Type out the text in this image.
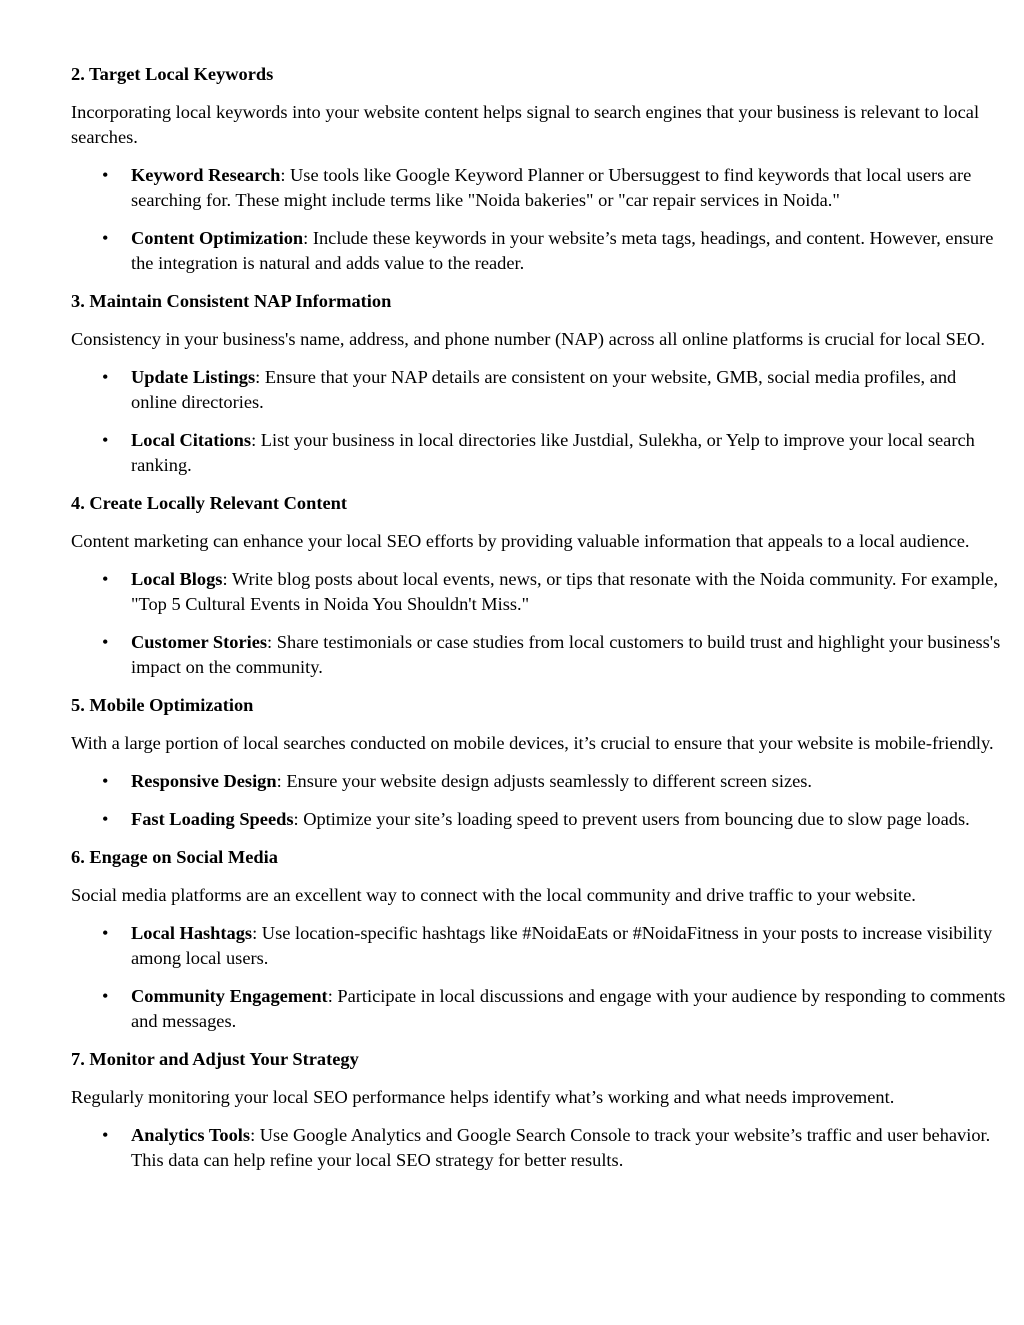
2. Target Local Keywords

Incorporating local keywords into your website content helps signal to search engines that your business is relevant to local searches.

• Keyword Research: Use tools like Google Keyword Planner or Ubersuggest to find keywords that local users are searching for. These might include terms like "Noida bakeries" or "car repair services in Noida."
• Content Optimization: Include these keywords in your website’s meta tags, headings, and content. However, ensure the integration is natural and adds value to the reader.
3. Maintain Consistent NAP Information

Consistency in your business's name, address, and phone number (NAP) across all online platforms is crucial for local SEO.

• Update Listings: Ensure that your NAP details are consistent on your website, GMB, social media profiles, and online directories.
• Local Citations: List your business in local directories like Justdial, Sulekha, or Yelp to improve your local search ranking.
4. Create Locally Relevant Content

Content marketing can enhance your local SEO efforts by providing valuable information that appeals to a local audience.

• Local Blogs: Write blog posts about local events, news, or tips that resonate with the Noida community. For example, "Top 5 Cultural Events in Noida You Shouldn't Miss."
• Customer Stories: Share testimonials or case studies from local customers to build trust and highlight your business's impact on the community.
5. Mobile Optimization

With a large portion of local searches conducted on mobile devices, it’s crucial to ensure that your website is mobile-friendly.

• Responsive Design: Ensure your website design adjusts seamlessly to different screen sizes.
• Fast Loading Speeds: Optimize your site’s loading speed to prevent users from bouncing due to slow page loads.
6. Engage on Social Media

Social media platforms are an excellent way to connect with the local community and drive traffic to your website.

• Local Hashtags: Use location-specific hashtags like #NoidaEats or #NoidaFitness in your posts to increase visibility among local users.
• Community Engagement: Participate in local discussions and engage with your audience by responding to comments and messages.
7. Monitor and Adjust Your Strategy

Regularly monitoring your local SEO performance helps identify what’s working and what needs improvement.

• Analytics Tools: Use Google Analytics and Google Search Console to track your website’s traffic and user behavior. This data can help refine your local SEO strategy for better results.
